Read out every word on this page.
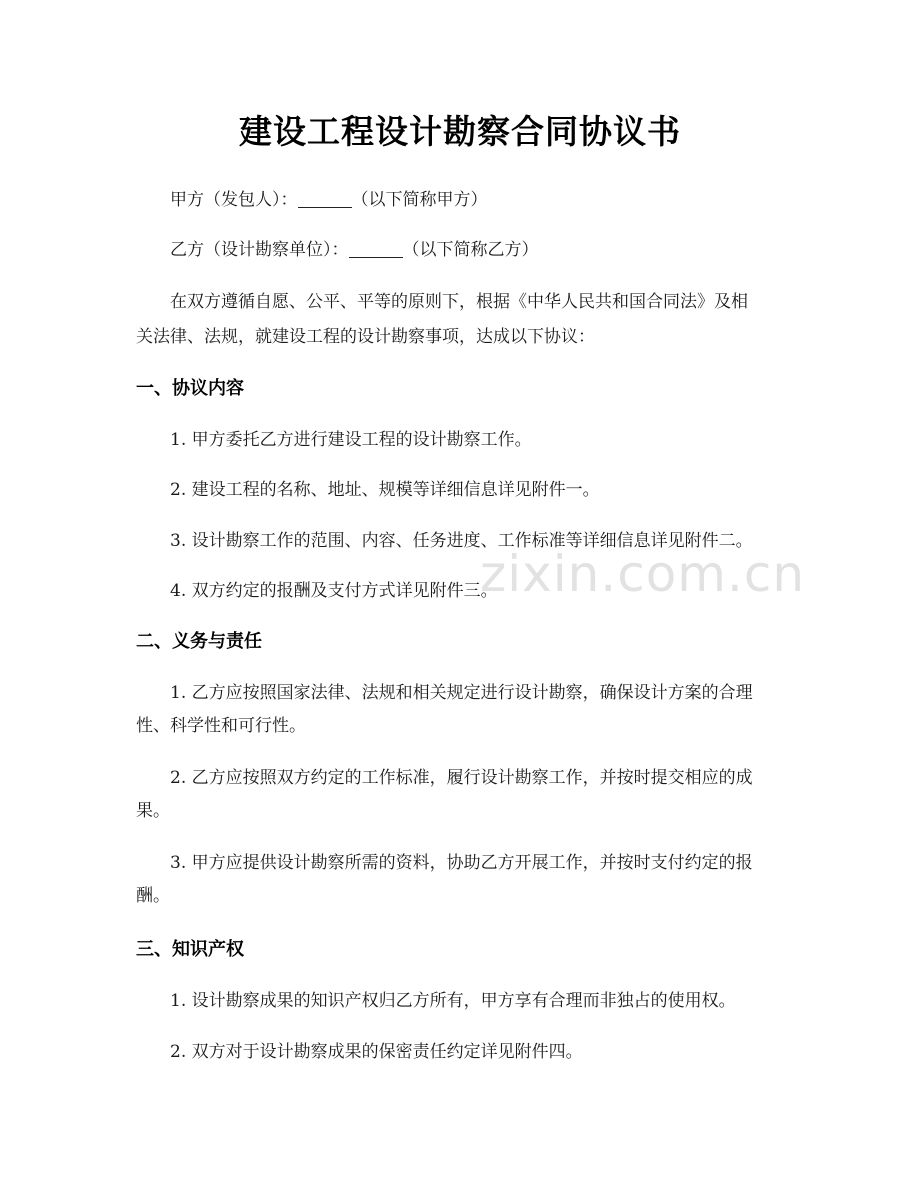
zixin.com.cn
建设工程设计勘察合同协议书
甲方（发包人）：	（以下简称甲方）
乙方（设计勘察单位）：	（以下简称乙方）
在双方遵循自愿、公平、平等的原则下，根据《中华人民共和国合同法》及相
关法律、法规，就建设工程的设计勘察事项，达成以下协议：
一、协议内容
1. 甲方委托乙方进行建设工程的设计勘察工作。
2. 建设工程的名称、地址、规模等详细信息详见附件一。
3. 设计勘察工作的范围、内容、任务进度、工作标准等详细信息详见附件二。
4. 双方约定的报酬及支付方式详见附件三。
二、义务与责任
1. 乙方应按照国家法律、法规和相关规定进行设计勘察，确保设计方案的合理
性、科学性和可行性。
2. 乙方应按照双方约定的工作标准，履行设计勘察工作，并按时提交相应的成
果。
3. 甲方应提供设计勘察所需的资料，协助乙方开展工作，并按时支付约定的报
酬。
三、知识产权
1. 设计勘察成果的知识产权归乙方所有，甲方享有合理而非独占的使用权。
2. 双方对于设计勘察成果的保密责任约定详见附件四。
